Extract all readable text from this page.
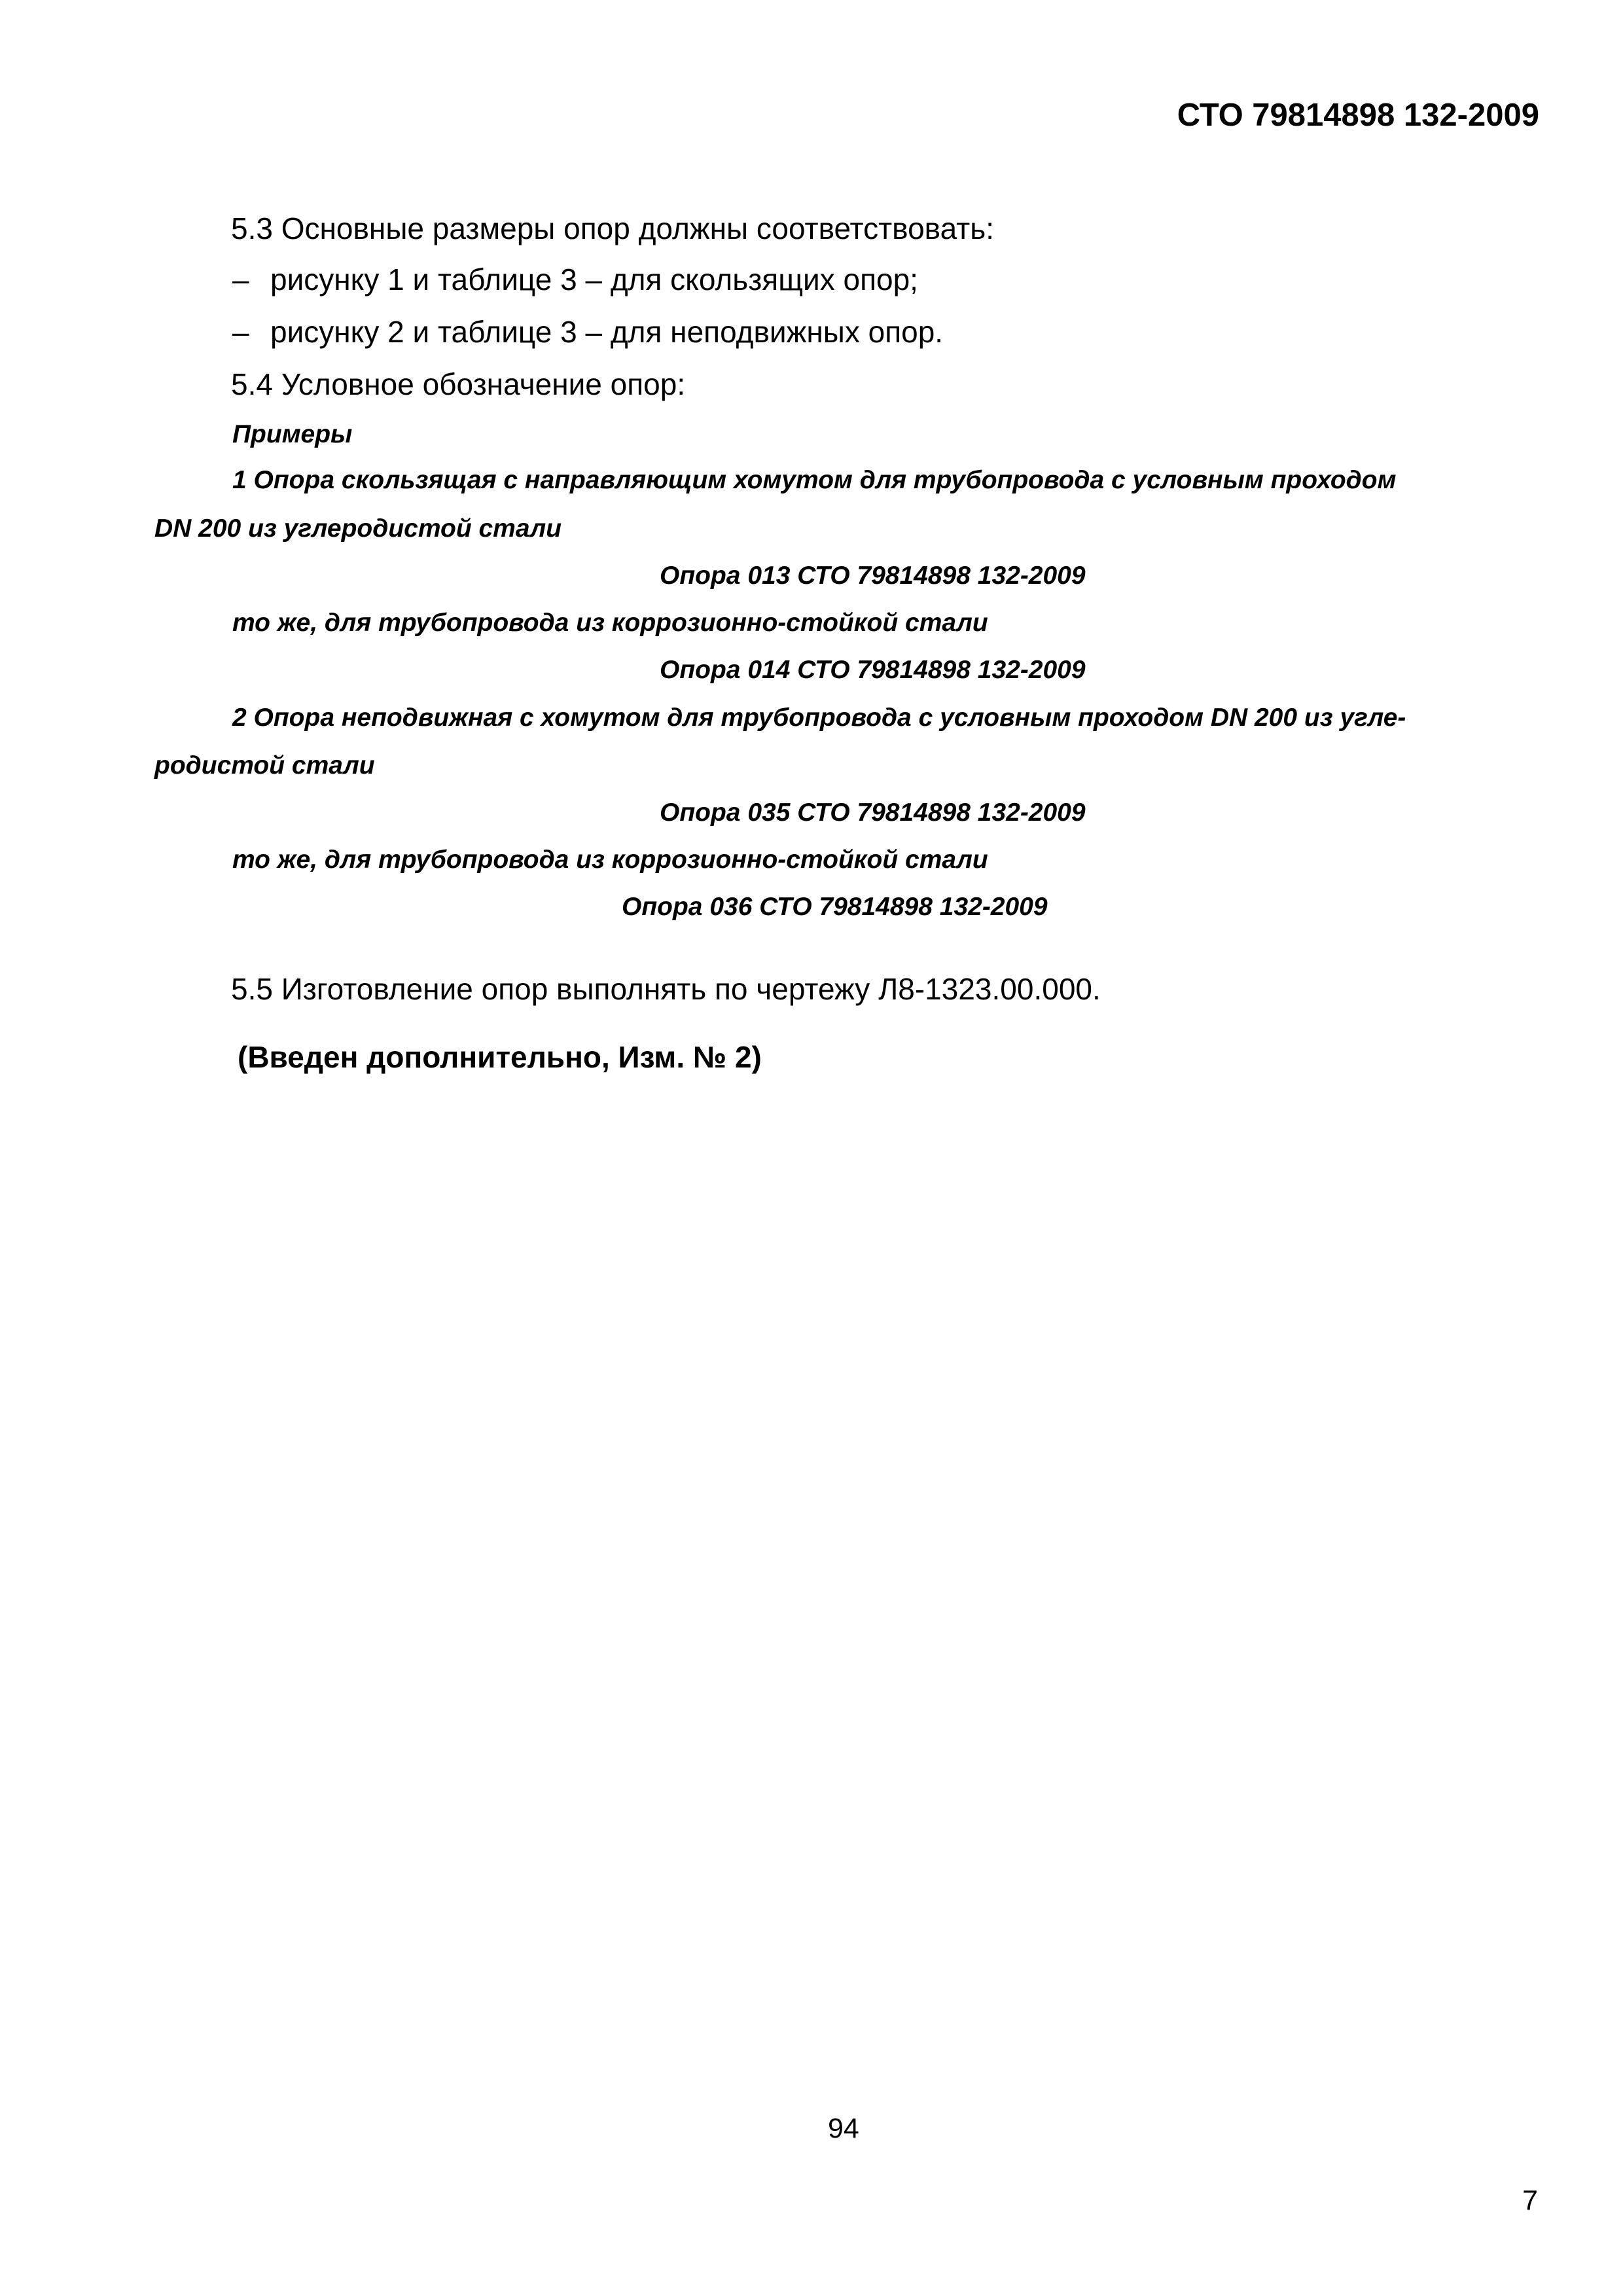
СТО 79814898 132-2009
5.3 Основные размеры опор должны соответствовать:
– рисунку 1 и таблице 3 – для скользящих опор;
– рисунку 2 и таблице 3 – для неподвижных опор.
5.4 Условное обозначение опор:
Примеры
1 Опора скользящая с направляющим хомутом для трубопровода с условным проходом
DN 200 из углеродистой стали
Опора 013 СТО 79814898 132-2009
то же, для трубопровода из коррозионно-стойкой стали
Опора 014 СТО 79814898 132-2009
2 Опора неподвижная с хомутом для трубопровода с условным проходом DN 200 из угле-
родистой стали
Опора 035 СТО 79814898 132-2009
то же, для трубопровода из коррозионно-стойкой стали
Опора 036 СТО 79814898 132-2009
5.5 Изготовление опор выполнять по чертежу Л8-1323.00.000.
(Введен дополнительно, Изм. № 2)
94
7
